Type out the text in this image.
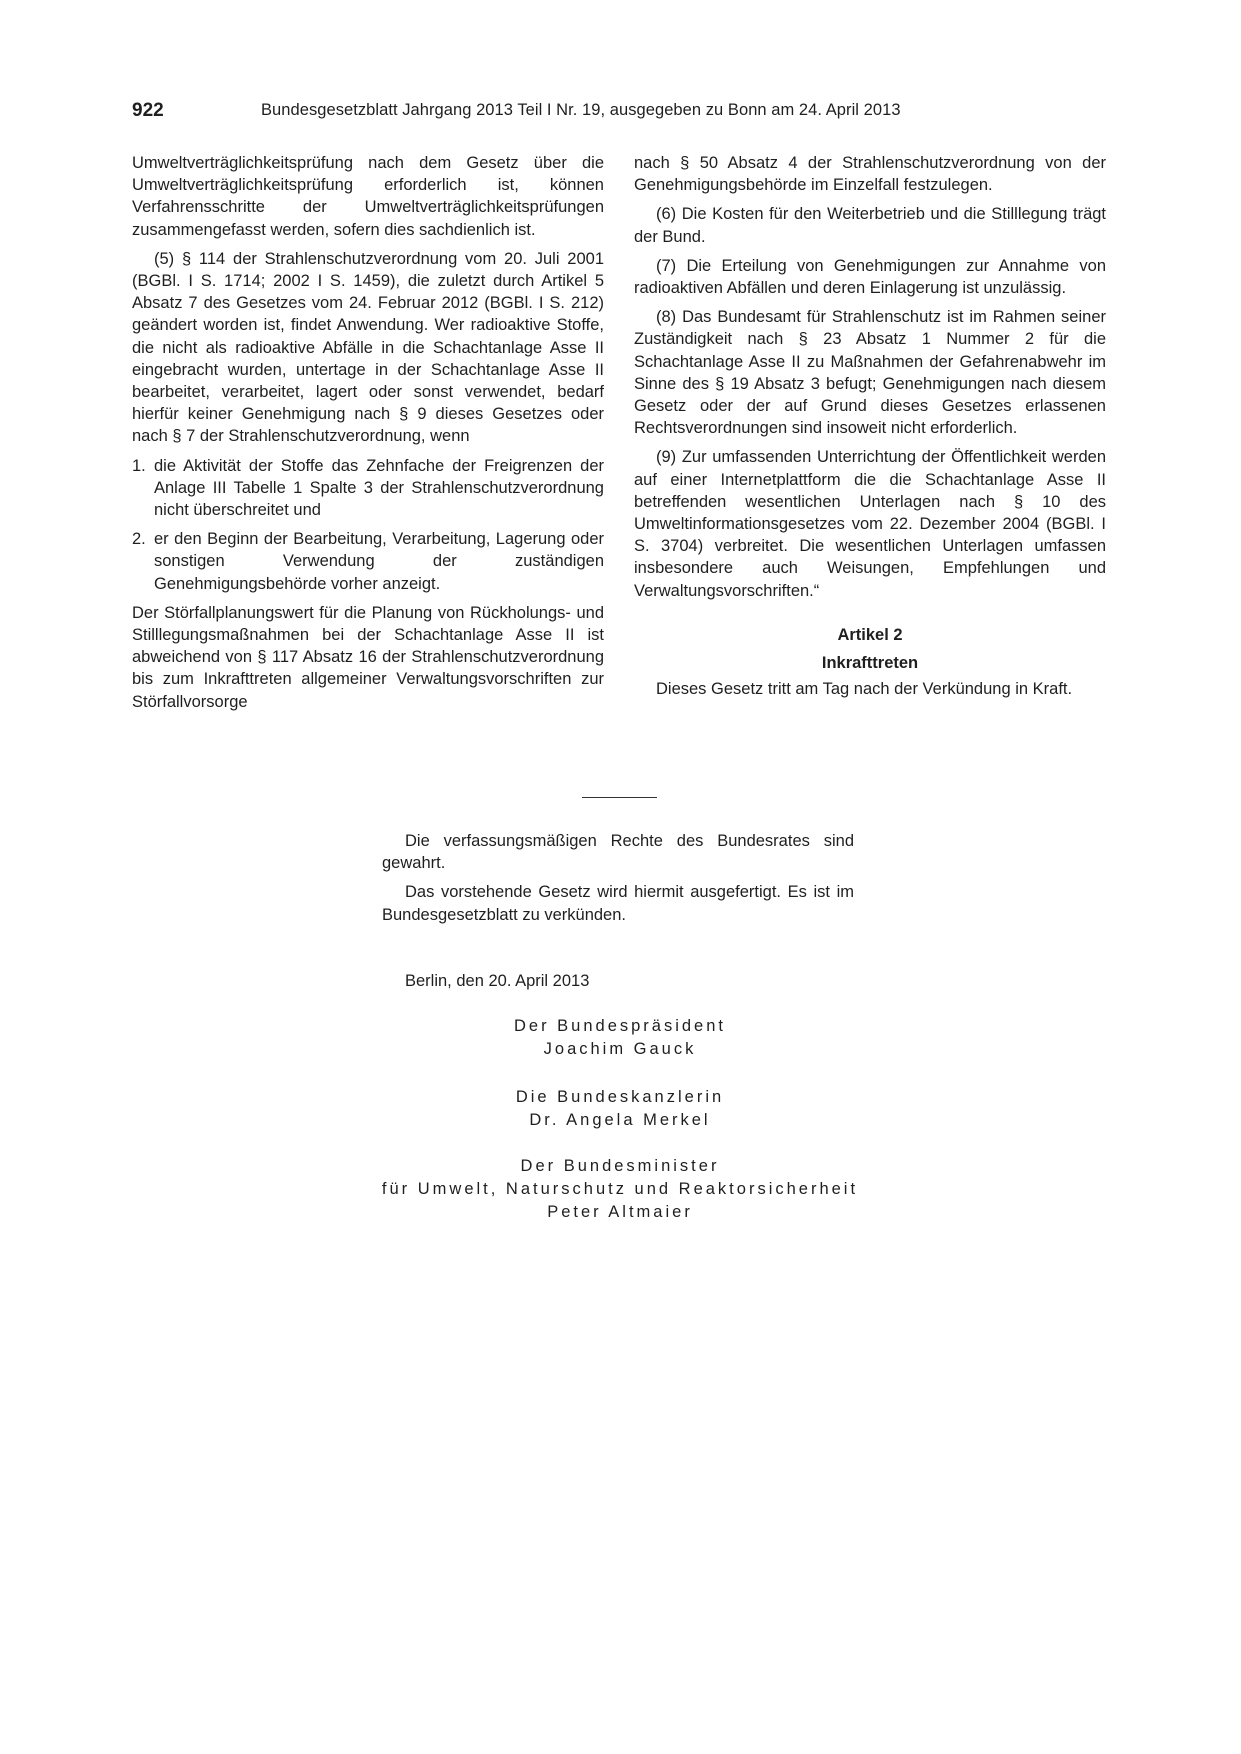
922	Bundesgesetzblatt Jahrgang 2013 Teil I Nr. 19, ausgegeben zu Bonn am 24. April 2013

Umweltverträglichkeitsprüfung nach dem Gesetz über die Umweltverträglichkeitsprüfung erforderlich ist, können Verfahrensschritte der Umweltverträglichkeitsprüfungen zusammengefasst werden, sofern dies sachdienlich ist.

(5) § 114 der Strahlenschutzverordnung vom 20. Juli 2001 (BGBl. I S. 1714; 2002 I S. 1459), die zuletzt durch Artikel 5 Absatz 7 des Gesetzes vom 24. Februar 2012 (BGBl. I S. 212) geändert worden ist, findet Anwendung. Wer radioaktive Stoffe, die nicht als radioaktive Abfälle in die Schachtanlage Asse II eingebracht wurden, untertage in der Schachtanlage Asse II bearbeitet, verarbeitet, lagert oder sonst verwendet, bedarf hierfür keiner Genehmigung nach § 9 dieses Gesetzes oder nach § 7 der Strahlenschutzverordnung, wenn

1. die Aktivität der Stoffe das Zehnfache der Freigrenzen der Anlage III Tabelle 1 Spalte 3 der Strahlenschutzverordnung nicht überschreitet und
2. er den Beginn der Bearbeitung, Verarbeitung, Lagerung oder sonstigen Verwendung der zuständigen Genehmigungsbehörde vorher anzeigt.

Der Störfallplanungswert für die Planung von Rückholungs- und Stilllegungsmaßnahmen bei der Schachtanlage Asse II ist abweichend von § 117 Absatz 16 der Strahlenschutzverordnung bis zum Inkrafttreten allgemeiner Verwaltungsvorschriften zur Störfallvorsorge

nach § 50 Absatz 4 der Strahlenschutzverordnung von der Genehmigungsbehörde im Einzelfall festzulegen.

(6) Die Kosten für den Weiterbetrieb und die Stilllegung trägt der Bund.

(7) Die Erteilung von Genehmigungen zur Annahme von radioaktiven Abfällen und deren Einlagerung ist unzulässig.

(8) Das Bundesamt für Strahlenschutz ist im Rahmen seiner Zuständigkeit nach § 23 Absatz 1 Nummer 2 für die Schachtanlage Asse II zu Maßnahmen der Gefahrenabwehr im Sinne des § 19 Absatz 3 befugt; Genehmigungen nach diesem Gesetz oder der auf Grund dieses Gesetzes erlassenen Rechtsverordnungen sind insoweit nicht erforderlich.

(9) Zur umfassenden Unterrichtung der Öffentlichkeit werden auf einer Internetplattform die die Schachtanlage Asse II betreffenden wesentlichen Unterlagen nach § 10 des Umweltinformationsgesetzes vom 22. Dezember 2004 (BGBl. I S. 3704) verbreitet. Die wesentlichen Unterlagen umfassen insbesondere auch Weisungen, Empfehlungen und Verwaltungsvorschriften.“

Artikel 2
Inkrafttreten

Dieses Gesetz tritt am Tag nach der Verkündung in Kraft.

Die verfassungsmäßigen Rechte des Bundesrates sind gewahrt.

Das vorstehende Gesetz wird hiermit ausgefertigt. Es ist im Bundesgesetzblatt zu verkünden.

Berlin, den 20. April 2013
Der Bundespräsident
Joachim Gauck
Die Bundeskanzlerin
Dr. Angela Merkel
Der Bundesminister
für Umwelt, Naturschutz und Reaktorsicherheit
Peter Altmaier
